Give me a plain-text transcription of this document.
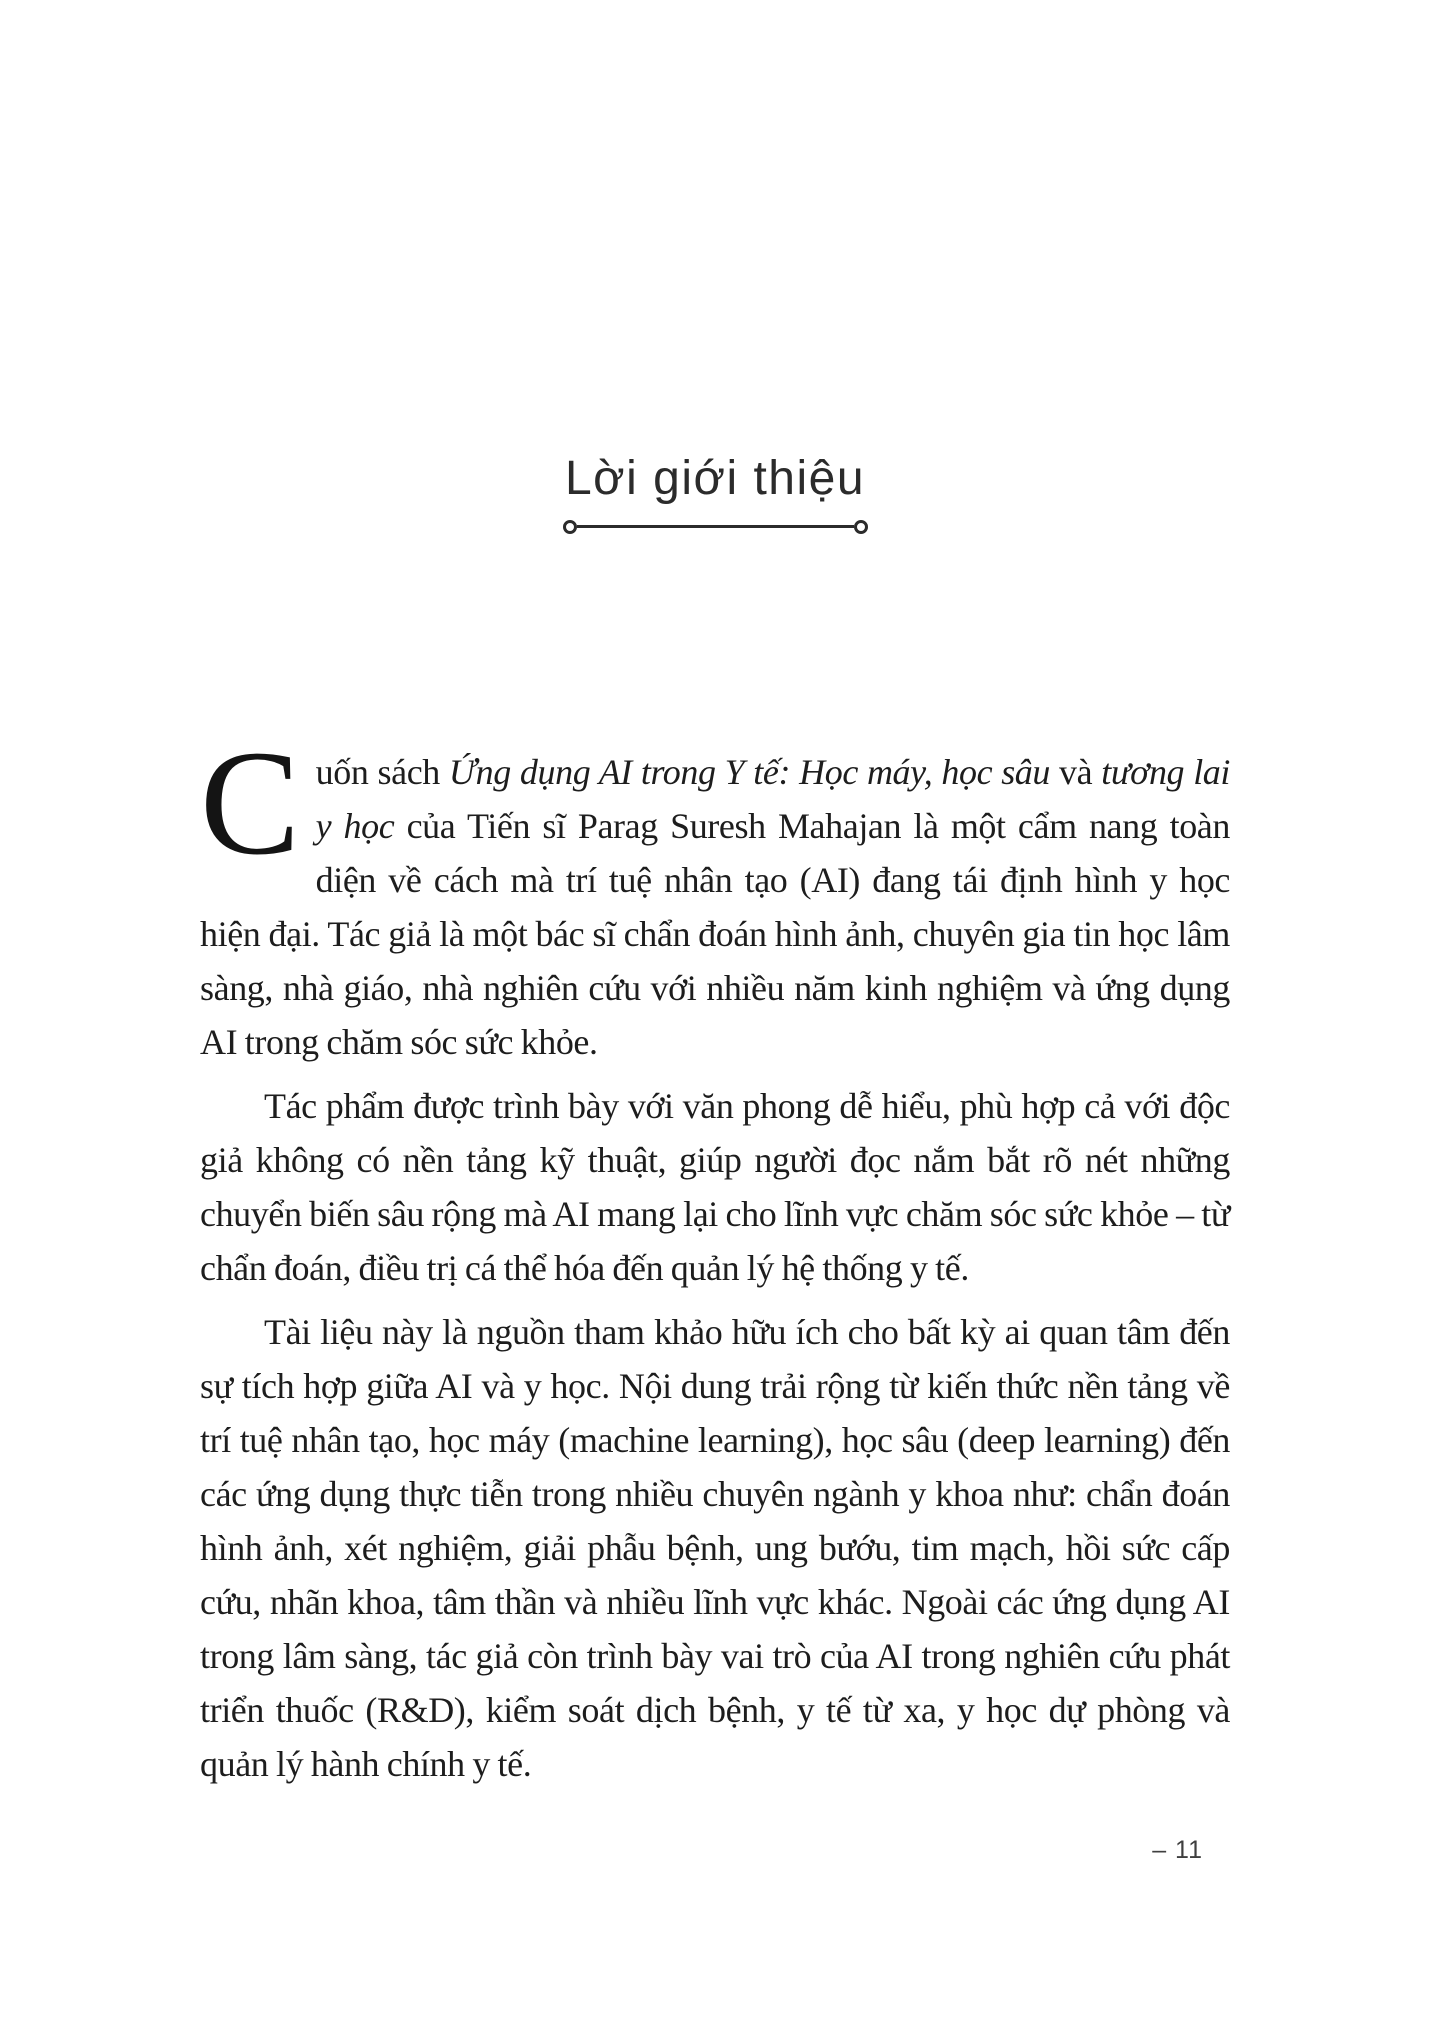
Lời giới thiệu

Cuốn sách Ứng dụng AI trong Y tế: Học máy, học sâu và tương lai y học của Tiến sĩ Parag Suresh Mahajan là một cẩm nang toàn diện về cách mà trí tuệ nhân tạo (AI) đang tái định hình y học hiện đại. Tác giả là một bác sĩ chẩn đoán hình ảnh, chuyên gia tin học lâm sàng, nhà giáo, nhà nghiên cứu với nhiều năm kinh nghiệm và ứng dụng AI trong chăm sóc sức khỏe.

Tác phẩm được trình bày với văn phong dễ hiểu, phù hợp cả với độc giả không có nền tảng kỹ thuật, giúp người đọc nắm bắt rõ nét những chuyển biến sâu rộng mà AI mang lại cho lĩnh vực chăm sóc sức khỏe – từ chẩn đoán, điều trị cá thể hóa đến quản lý hệ thống y tế.

Tài liệu này là nguồn tham khảo hữu ích cho bất kỳ ai quan tâm đến sự tích hợp giữa AI và y học. Nội dung trải rộng từ kiến thức nền tảng về trí tuệ nhân tạo, học máy (machine learning), học sâu (deep learning) đến các ứng dụng thực tiễn trong nhiều chuyên ngành y khoa như: chẩn đoán hình ảnh, xét nghiệm, giải phẫu bệnh, ung bướu, tim mạch, hồi sức cấp cứu, nhãn khoa, tâm thần và nhiều lĩnh vực khác. Ngoài các ứng dụng AI trong lâm sàng, tác giả còn trình bày vai trò của AI trong nghiên cứu phát triển thuốc (R&D), kiểm soát dịch bệnh, y tế từ xa, y học dự phòng và quản lý hành chính y tế.

– 11
